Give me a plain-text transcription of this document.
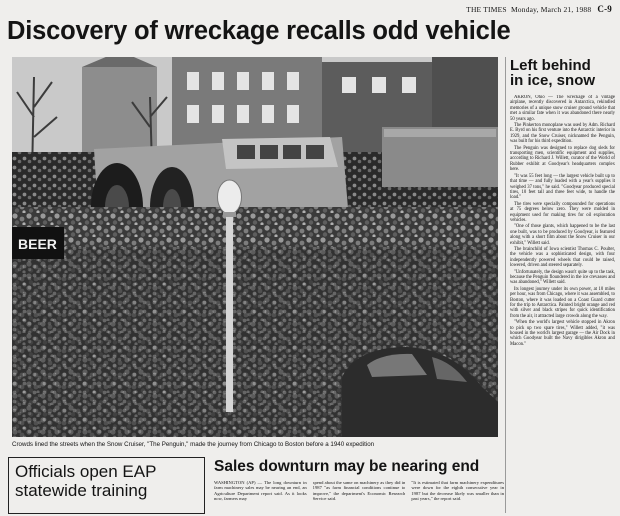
THE TIMES Monday, March 21, 1988 C-9
Discovery of wreckage recalls odd vehicle
BEER

Crowds lined the streets when the Snow Cruiser, "The Penguin," made the journey from Chicago to Boston before a 1940 expedition

Left behind
in ice, snow

AKRON, Ohio — The wreckage of a vintage airplane, recently discovered in Antarctica, rekindled memories of a unique snow cruiser ground vehicle that met a similar fate when it was abandoned there nearly 50 years ago.

The Pinkerton monoplane was used by Adm. Richard E. Byrd on his first venture into the Antarctic interior in 1929, and the Snow Cruiser, nicknamed the Penguin, was built for his third expedition.

The Penguin was designed to replace dog sleds for transporting men, scientific equipment and supplies, according to Richard J. Willett, curator of the World of Rubber exhibit at Goodyear's headquarters complex here.

"It was 55 feet long — the largest vehicle built up to that time — and fully loaded with a year's supplies it weighed 37 tons," he said. "Goodyear produced special tires, 10 feet tall and three feet wide, to handle the load."

The tires were specially compounded for operations at 75 degrees below zero. They were molded in equipment used for making tires for oil exploration vehicles.

"One of those giants, which happened to be the last one built, was to be produced by Goodyear, is featured along with a short film about the Snow Cruiser in our exhibit," Willett said.

The brainchild of Iowa scientist Thomas C. Poulter, the vehicle was a sophisticated design, with four independently powered wheels that could be raised, lowered, driven and steered separately.

"Unfortunately, the design wasn't quite up to the task, because the Penguin floundered in the ice crevasses and was abandoned," Willett said.

Its longest journey under its own power, at 10 miles per hour, was from Chicago, where it was assembled, to Boston, where it was loaded on a Coast Guard cutter for the trip to Antarctica. Painted bright orange and red with silver and black stripes for quick identification from the air, it attracted large crowds along the way.

"When the world's largest vehicle stopped in Akron to pick up two spare tires," Willett added, "it was housed in the world's largest garage — the Air Dock in which Goodyear built the Navy dirigibles Akron and Macon."

Officials open EAP
statewide training
Sales downturn may be nearing end
WASHINGTON (AP) — The long downturn in farm machinery sales may be nearing an end, an Agriculture Department report said. As it looks now, farmers may
spend about the same on machinery as they did in 1987 "as farm financial conditions continue to improve," the department's Economic Research Service said.
"It is estimated that farm machinery expenditures were down for the eighth consecutive year in 1987 but the decrease likely was smaller than in past years," the report said.
